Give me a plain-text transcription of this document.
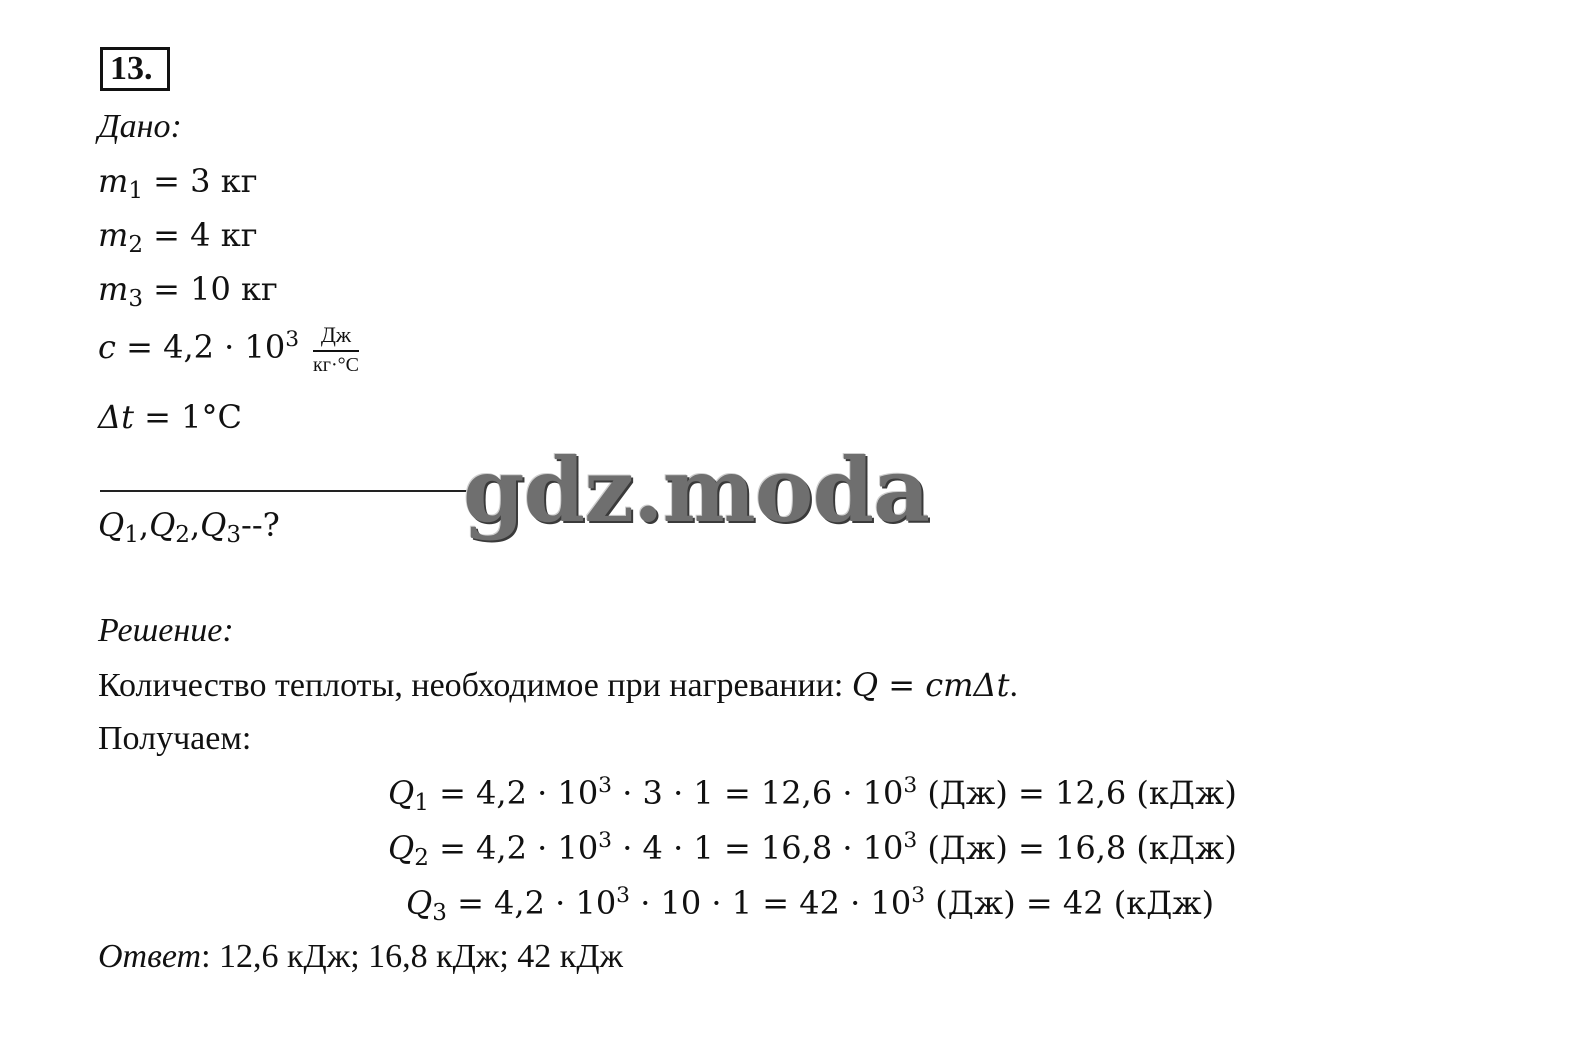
13.
Дано:
$m_1 = 3$ кг
$m_2 = 4$ кг
$m_3 = 10$ кг
$c = 4,2 \cdot 10^3 \frac{Дж}{кг\cdot^\circ C}$
Δt = 1°C
$Q_1,Q_2,Q_3--$? gdz.moda
Решение:
Количество теплоты, необходимое при нагревании: Q = cmΔt.
Получаем:
$Q_1 = 4,2 \cdot 10^3 \cdot 3 \cdot 1 = 12,6 \cdot 10^3$ (Дж) = 12,6 (кДж)
$Q_2 = 4,2 \cdot 10^3 \cdot 4 \cdot 1 = 16,8 \cdot 10^3$ (Дж) = 16,8 (кДж)
$Q_3 = 4,2 \cdot 10^3 \cdot 10 \cdot 1 = 42 \cdot 10^3$ (Дж) = 42 (кДж)
Ответ: 12,6 кДж; 16,8 кДж; 42 кДж
